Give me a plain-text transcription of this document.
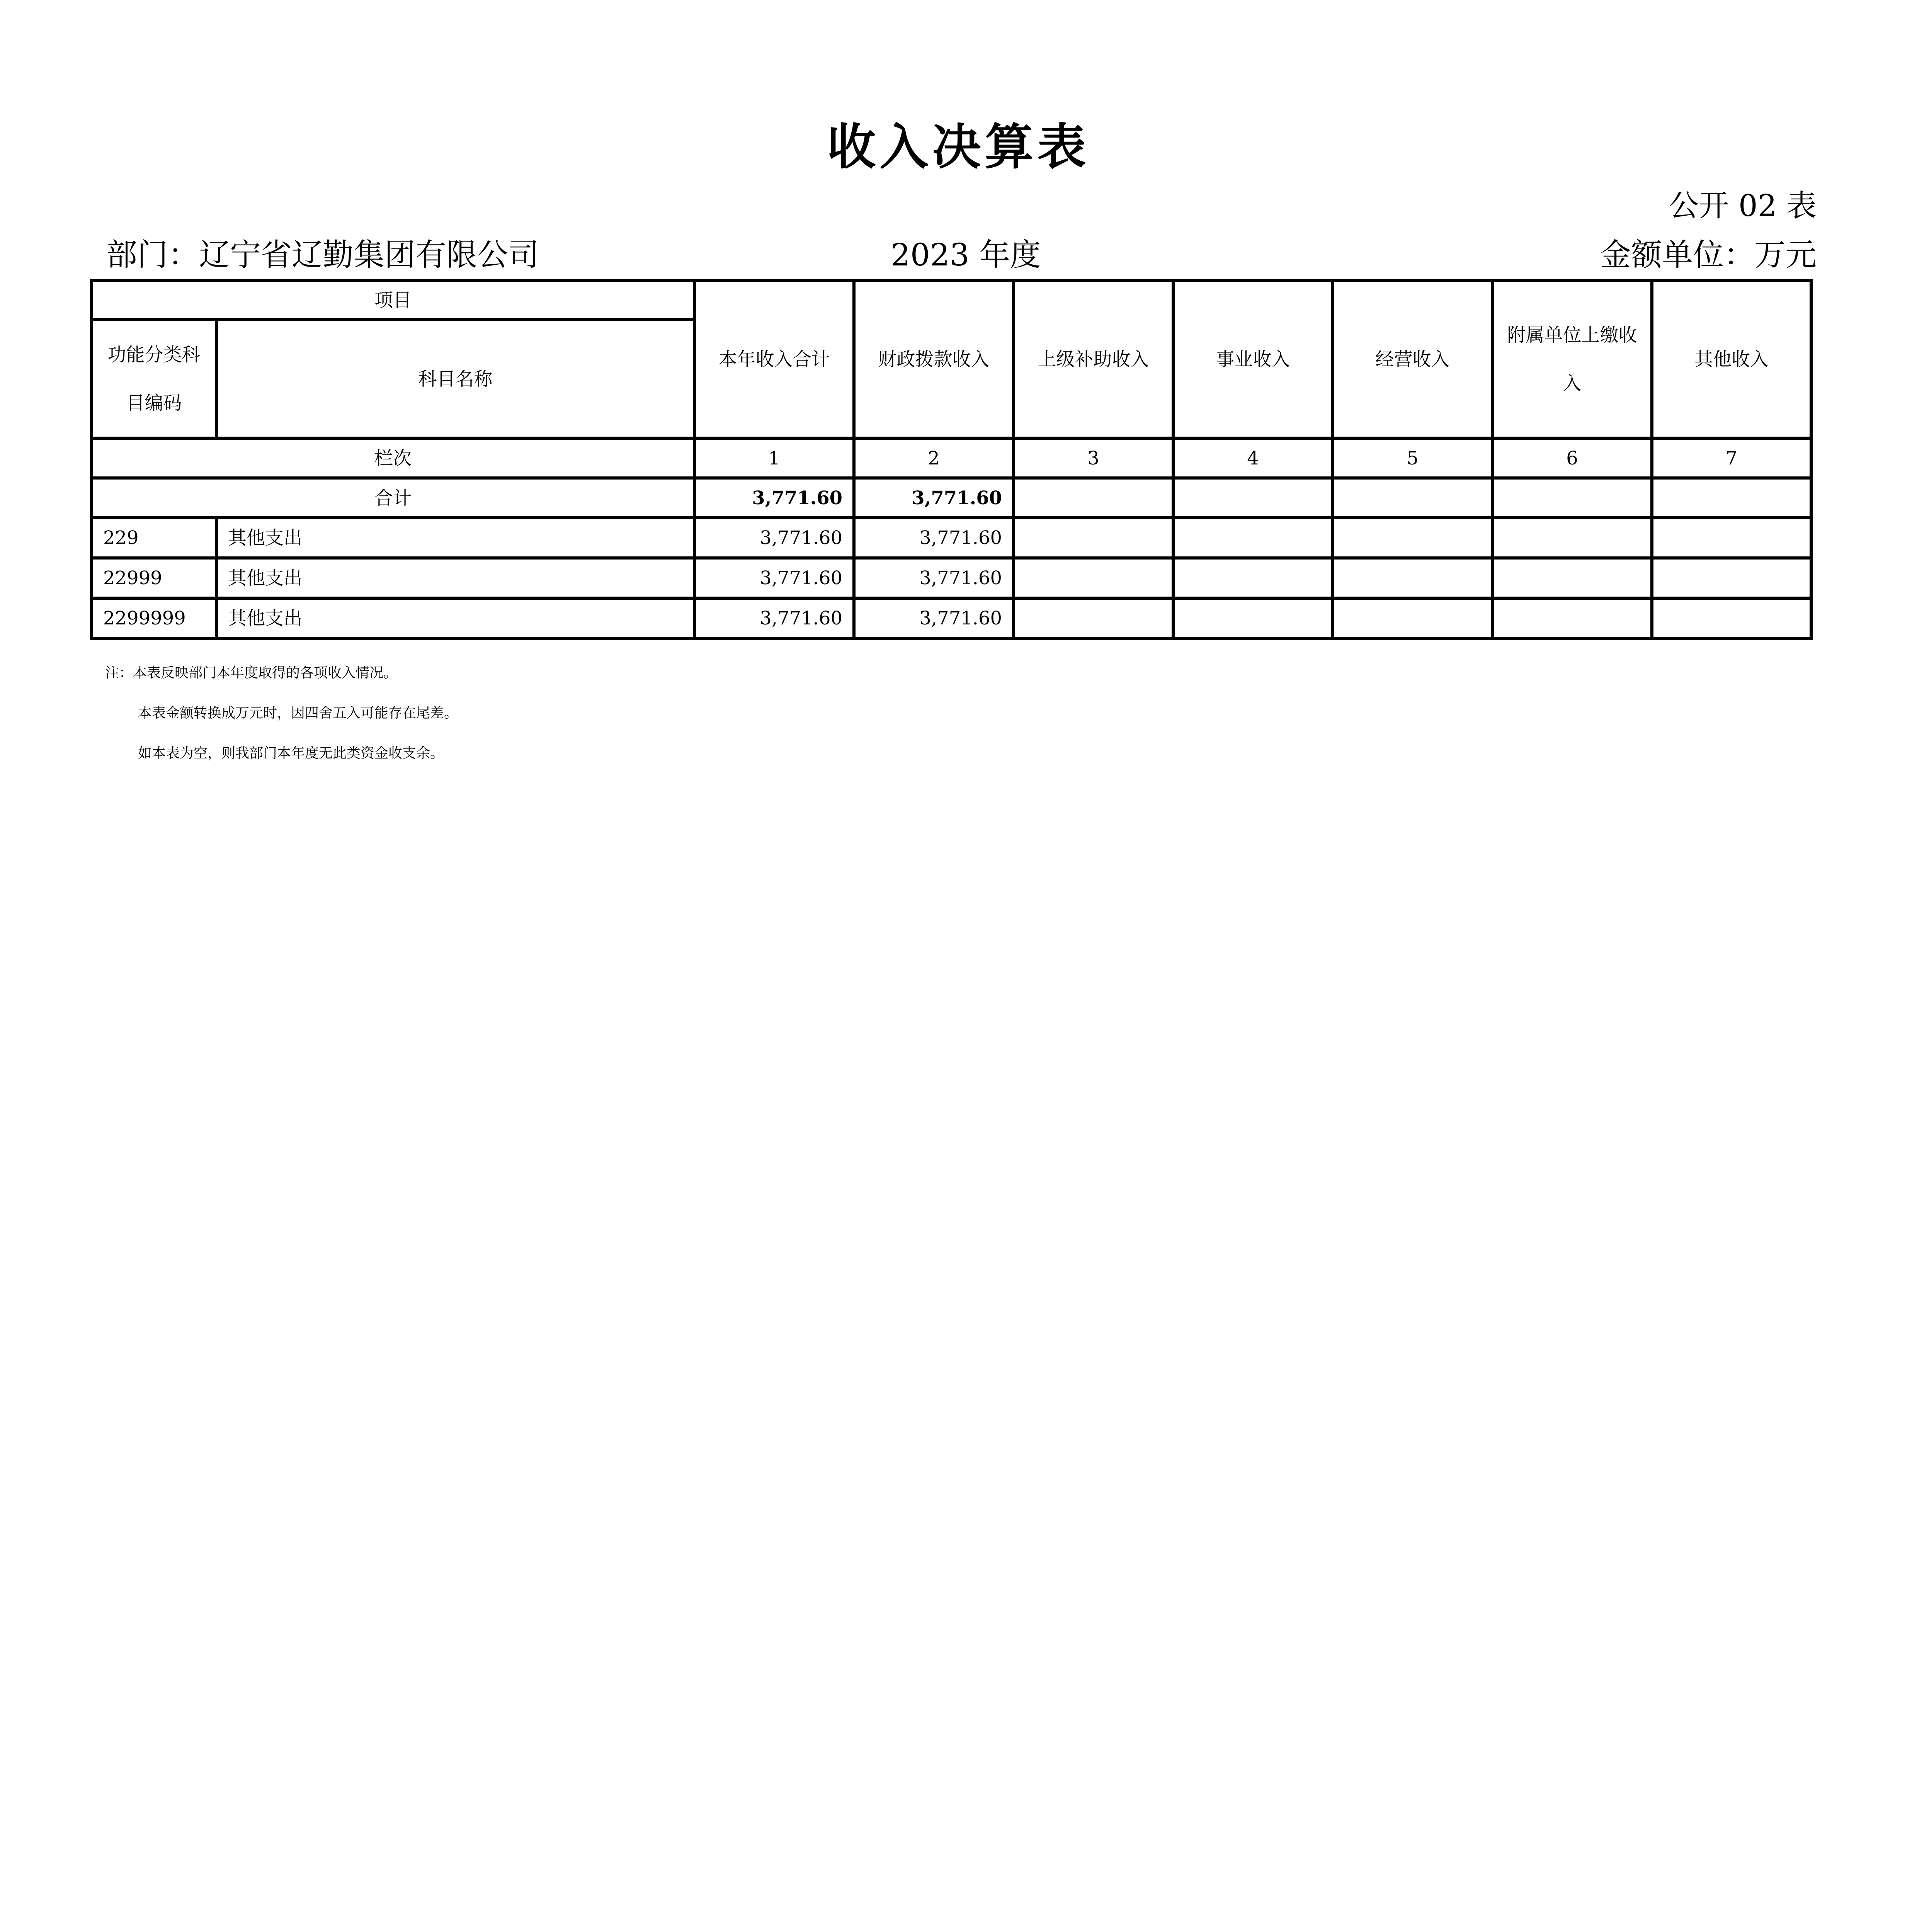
收入决算表
公开 02 表
部门：辽宁省辽勤集团有限公司	2023 年度	金额单位：万元
项目		本年收入合计	财政拨款收入	上级补助收入	事业收入	经营收入	附属单位上缴收入	其他收入
功能分类科目编码	科目名称							
栏次		1	2	3	4	5	6	7
合计		3,771.60	3,771.60					
229	其他支出	3,771.60	3,771.60					
22999	其他支出	3,771.60	3,771.60					
2299999	其他支出	3,771.60	3,771.60					
注：本表反映部门本年度取得的各项收入情况。
本表金额转换成万元时，因四舍五入可能存在尾差。
如本表为空，则我部门本年度无此类资金收支余。
